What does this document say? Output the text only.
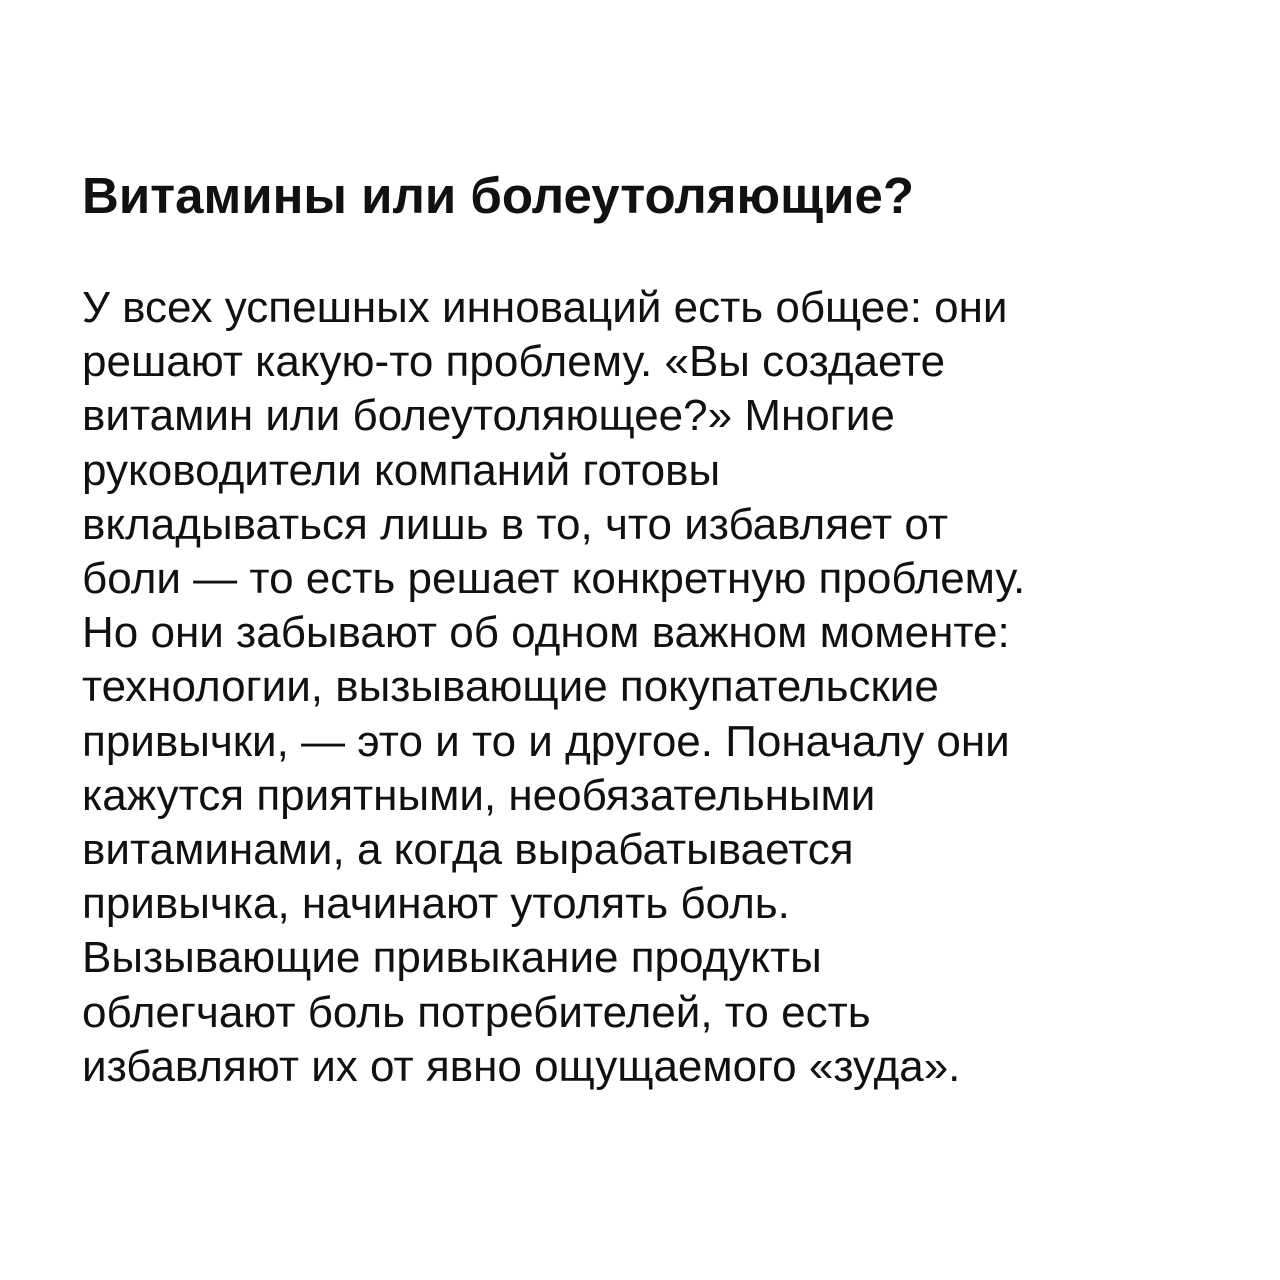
Витамины или болеутоляющие?
У всех успешных инноваций есть общее: они
решают какую-то проблему. «Вы создаете
витамин или болеутоляющее?» Многие
руководители компаний готовы
вкладываться лишь в то, что избавляет от
боли — то есть решает конкретную проблему.
Но они забывают об одном важном моменте:
технологии, вызывающие покупательские
привычки, — это и то и другое. Поначалу они
кажутся приятными, необязательными
витаминами, а когда вырабатывается
привычка, начинают утолять боль.
Вызывающие привыкание продукты
облегчают боль потребителей, то есть
избавляют их от явно ощущаемого «зуда».
